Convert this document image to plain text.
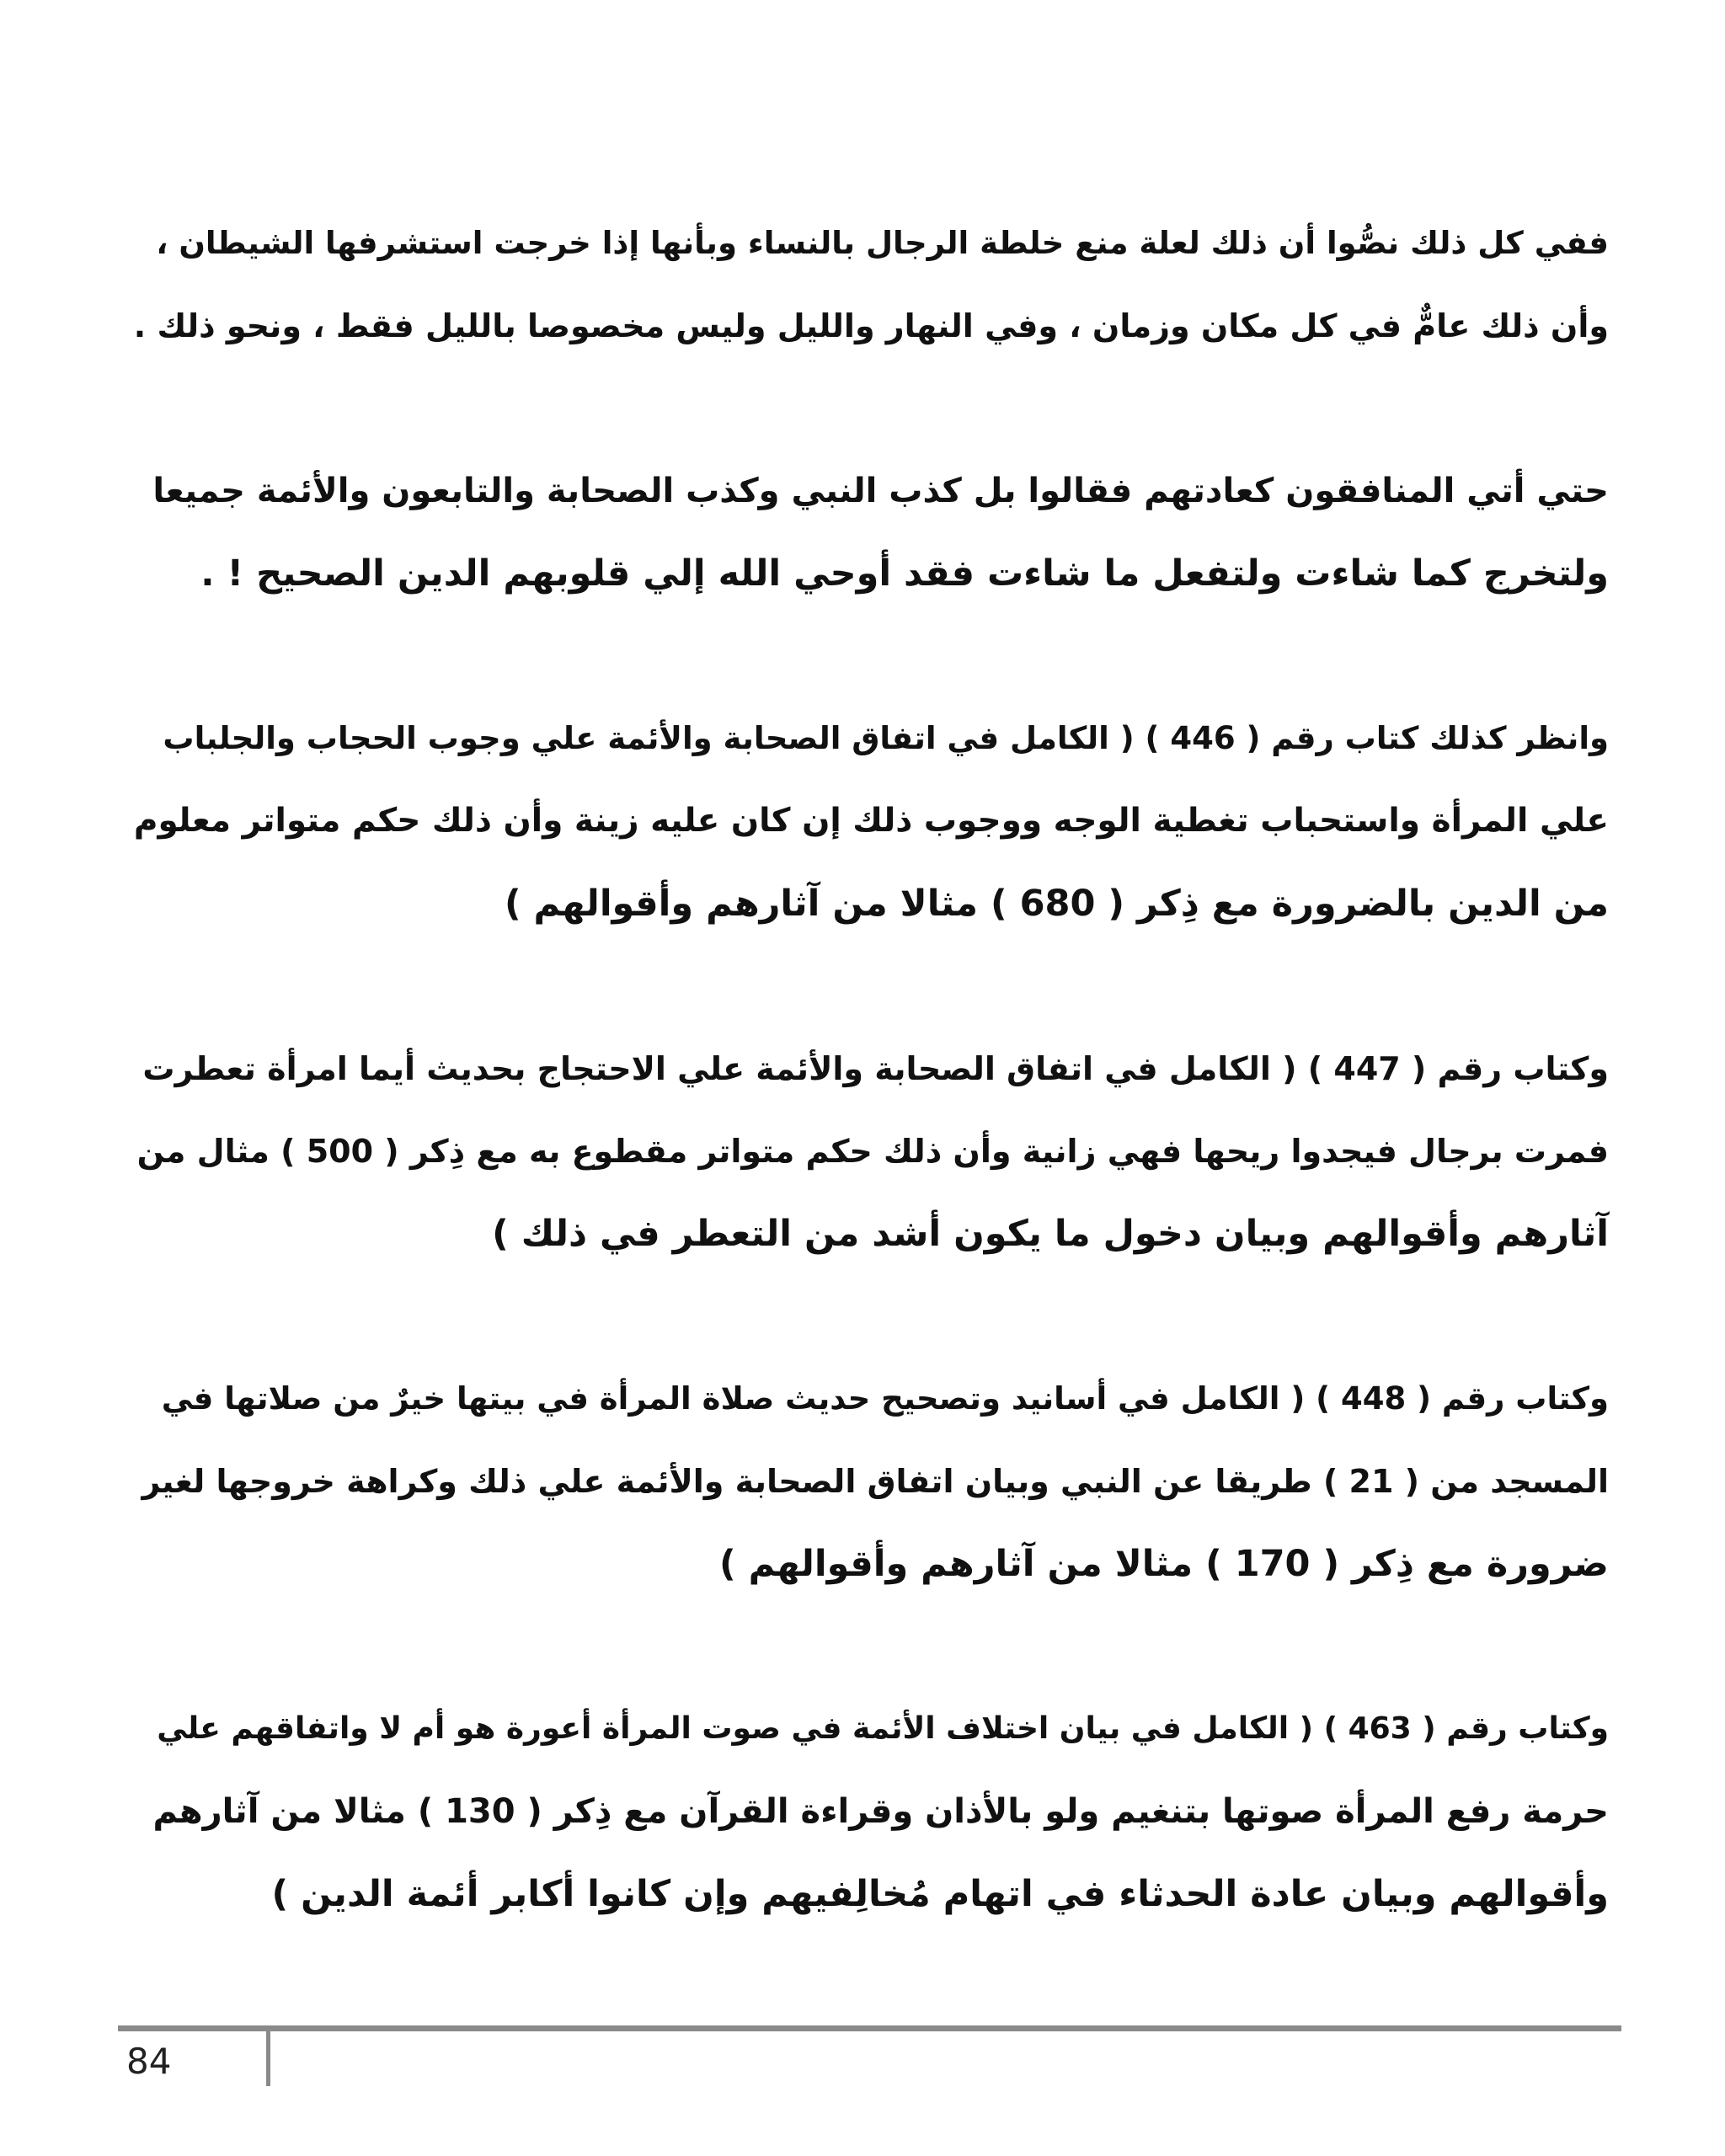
ففي كل ذلك نصُّوا أن ذلك لعلة منع خلطة الرجال بالنساء وبأنها إذا خرجت استشرفها الشيطان ،
وأن ذلك عامٌّ في كل مكان وزمان ، وفي النهار والليل وليس مخصوصا بالليل فقط ، ونحو ذلك .

حتي أتي المنافقون كعادتهم فقالوا بل كذب النبي وكذب الصحابة والتابعون والأئمة جميعا
ولتخرج كما شاءت ولتفعل ما شاءت فقد أوحي الله إلي قلوبهم الدين الصحيح ! .

وانظر كذلك كتاب رقم ( 446 ) ( الكامل في اتفاق الصحابة والأئمة علي وجوب الحجاب والجلباب
علي المرأة واستحباب تغطية الوجه ووجوب ذلك إن كان عليه زينة وأن ذلك حكم متواتر معلوم
من الدين بالضرورة مع ذِكر ( 680 ) مثالا من آثارهم وأقوالهم )

وكتاب رقم ( 447 ) ( الكامل في اتفاق الصحابة والأئمة علي الاحتجاج بحديث أيما امرأة تعطرت
فمرت برجال فيجدوا ريحها فهي زانية وأن ذلك حكم متواتر مقطوع به مع ذِكر ( 500 ) مثال من
آثارهم وأقوالهم وبيان دخول ما يكون أشد من التعطر في ذلك )

وكتاب رقم ( 448 ) ( الكامل في أسانيد وتصحيح حديث صلاة المرأة في بيتها خيرٌ من صلاتها في
المسجد من ( 21 ) طريقا عن النبي وبيان اتفاق الصحابة والأئمة علي ذلك وكراهة خروجها لغير
ضرورة مع ذِكر ( 170 ) مثالا من آثارهم وأقوالهم )

وكتاب رقم ( 463 ) ( الكامل في بيان اختلاف الأئمة في صوت المرأة أعورة هو أم لا واتفاقهم علي
حرمة رفع المرأة صوتها بتنغيم ولو بالأذان وقراءة القرآن مع ذِكر ( 130 ) مثالا من آثارهم
وأقوالهم وبيان عادة الحدثاء في اتهام مُخالِفيهم وإن كانوا أكابر أئمة الدين )

84
